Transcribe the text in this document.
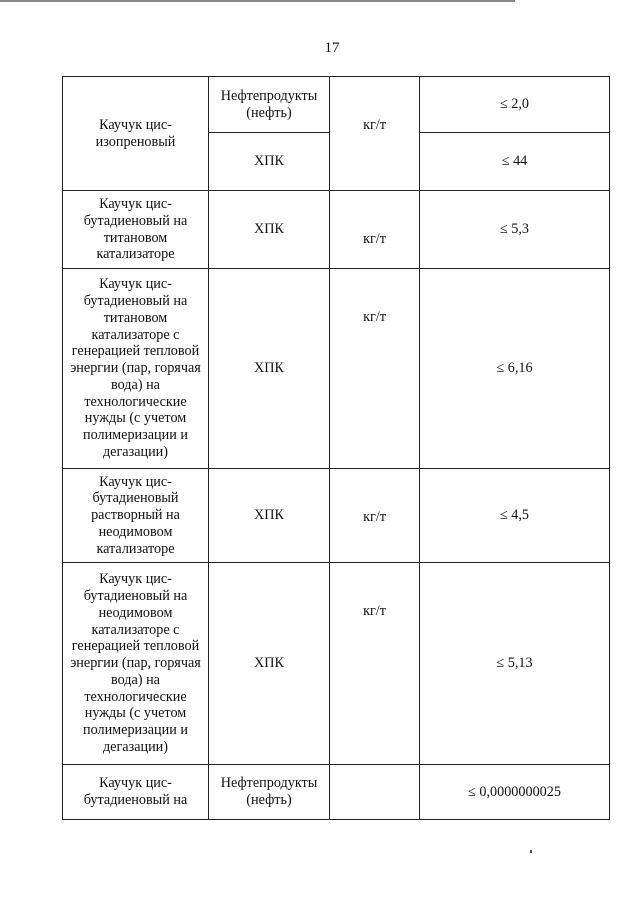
17
Каучук цис-изопреновый	Нефтепродукты (нефть)	кг/т	≤ 2,0
	ХПК		≤ 44
Каучук цис-бутадиеновый на титановом катализаторе	ХПК	кг/т	≤ 5,3
Каучук цис-бутадиеновый на титановом катализаторе с генерацией тепловой энергии (пар, горячая вода) на технологические нужды (с учетом полимеризации и дегазации)	ХПК	кг/т	≤ 6,16
Каучук цис-бутадиеновый растворный на неодимовом катализаторе	ХПК	кг/т	≤ 4,5
Каучук цис-бутадиеновый на неодимовом катализаторе с генерацией тепловой энергии (пар, горячая вода) на технологические нужды (с учетом полимеризации и дегазации)	ХПК	кг/т	≤ 5,13
Каучук цис-бутадиеновый на	Нефтепродукты (нефть)		≤ 0,0000000025
